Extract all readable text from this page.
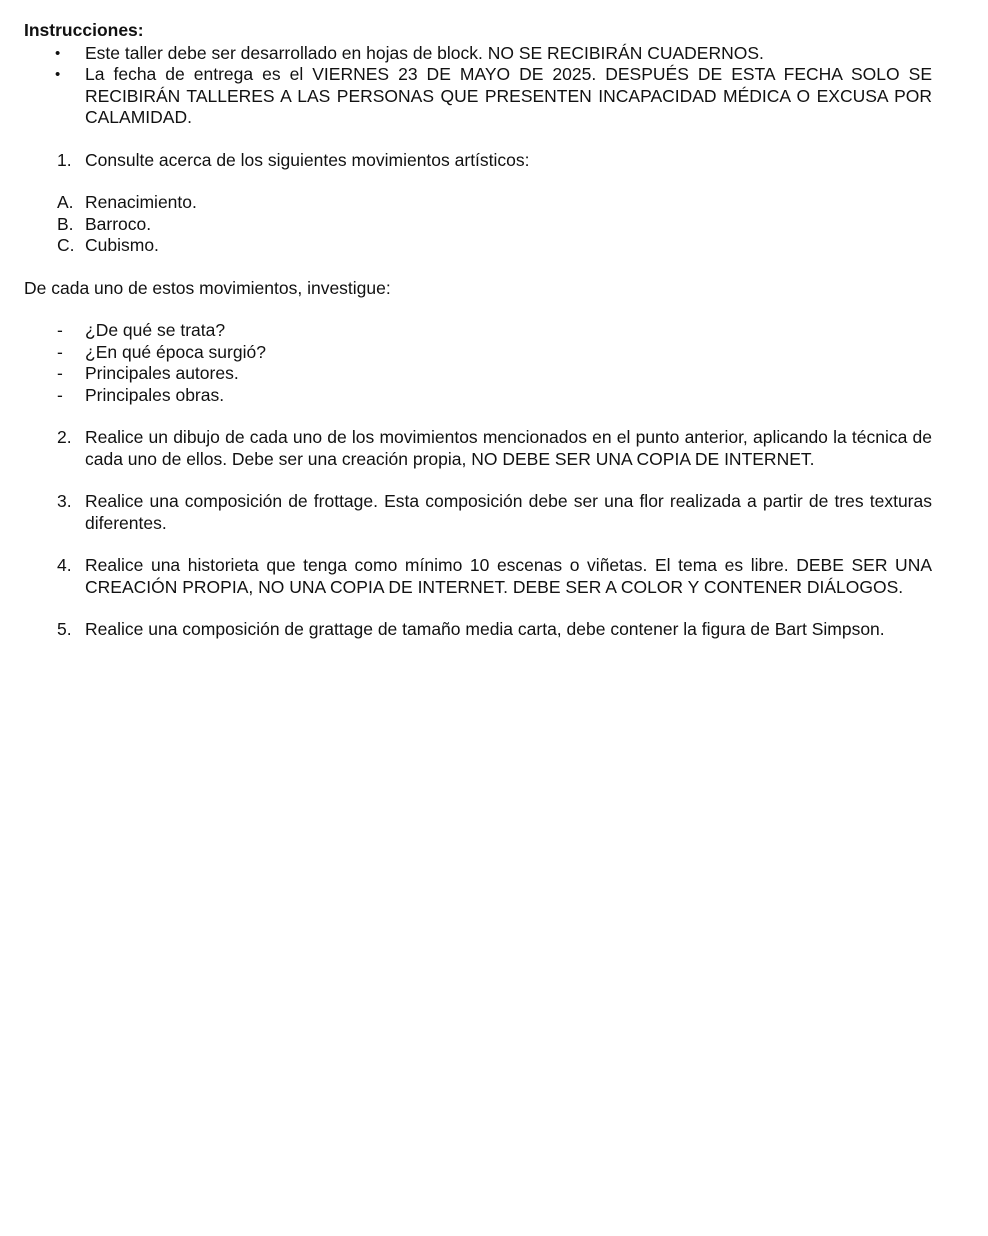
Instrucciones:
•	Este taller debe ser desarrollado en hojas de block. NO SE RECIBIRÁN CUADERNOS.
•	La fecha de entrega es el VIERNES 23 DE MAYO DE 2025. DESPUÉS DE ESTA FECHA SOLO SE RECIBIRÁN TALLERES A LAS PERSONAS QUE PRESENTEN INCAPACIDAD MÉDICA O EXCUSA POR CALAMIDAD.
1. Consulte acerca de los siguientes movimientos artísticos:
A. Renacimiento.
B. Barroco.
C. Cubismo.
De cada uno de estos movimientos, investigue:
-	¿De qué se trata?
-	¿En qué época surgió?
-	Principales autores.
-	Principales obras.
2. Realice un dibujo de cada uno de los movimientos mencionados en el punto anterior, aplicando la técnica de cada uno de ellos. Debe ser una creación propia, NO DEBE SER UNA COPIA DE INTERNET.
3. Realice una composición de frottage. Esta composición debe ser una flor realizada a partir de tres texturas diferentes.
4. Realice una historieta que tenga como mínimo 10 escenas o viñetas. El tema es libre. DEBE SER UNA CREACIÓN PROPIA, NO UNA COPIA DE INTERNET. DEBE SER A COLOR Y CONTENER DIÁLOGOS.
5. Realice una composición de grattage de tamaño media carta, debe contener la figura de Bart Simpson.
